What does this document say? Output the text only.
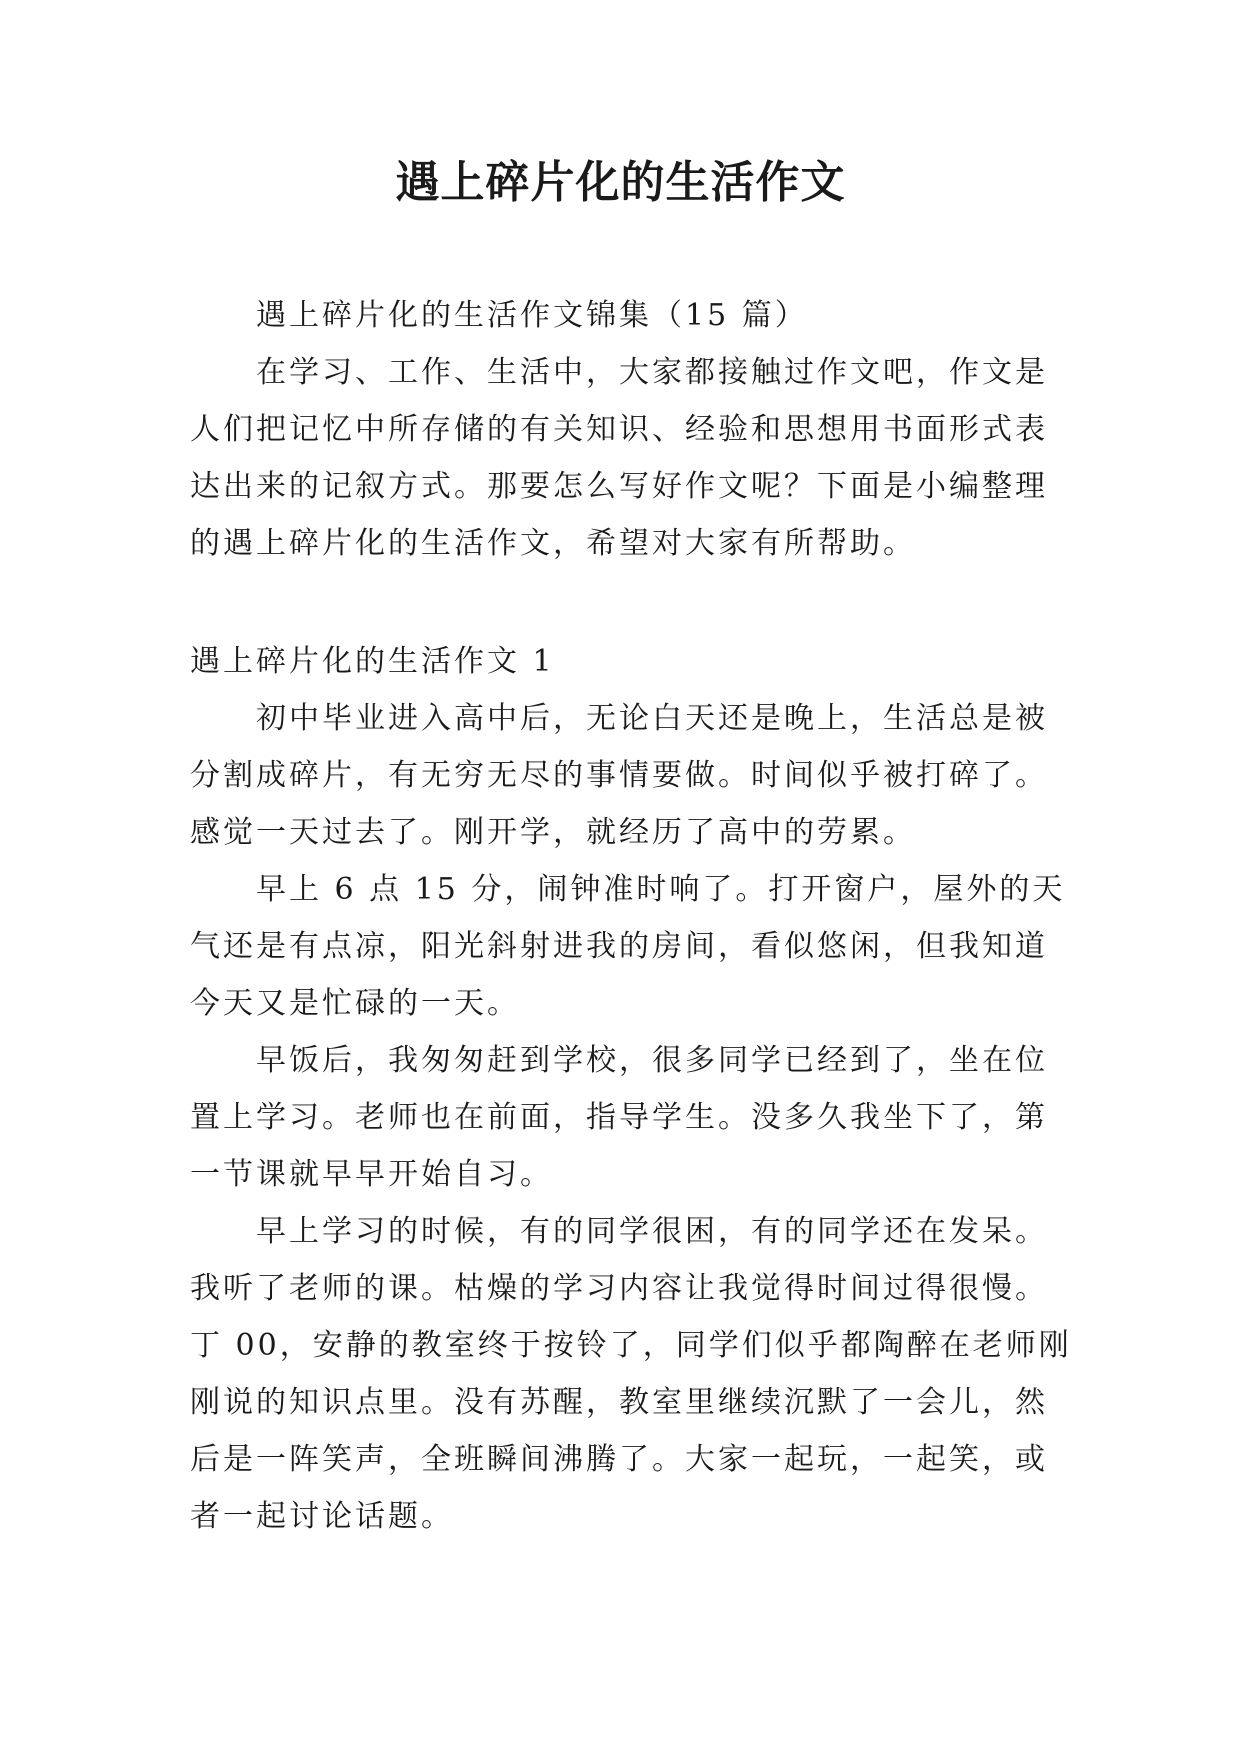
遇上碎片化的生活作文
遇上碎片化的生活作文锦集（15 篇）
在学习、工作、生活中，大家都接触过作文吧，作文是
人们把记忆中所存储的有关知识、经验和思想用书面形式表
达出来的记叙方式。那要怎么写好作文呢？下面是小编整理
的遇上碎片化的生活作文，希望对大家有所帮助。
遇上碎片化的生活作文 1
初中毕业进入高中后，无论白天还是晚上，生活总是被
分割成碎片，有无穷无尽的事情要做。时间似乎被打碎了。
感觉一天过去了。刚开学，就经历了高中的劳累。
早上 6 点 15 分，闹钟准时响了。打开窗户，屋外的天
气还是有点凉，阳光斜射进我的房间，看似悠闲，但我知道
今天又是忙碌的一天。
早饭后，我匆匆赶到学校，很多同学已经到了，坐在位
置上学习。老师也在前面，指导学生。没多久我坐下了，第
一节课就早早开始自习。
早上学习的时候，有的同学很困，有的同学还在发呆。
我听了老师的课。枯燥的学习内容让我觉得时间过得很慢。
丁 00，安静的教室终于按铃了，同学们似乎都陶醉在老师刚
刚说的知识点里。没有苏醒，教室里继续沉默了一会儿，然
后是一阵笑声，全班瞬间沸腾了。大家一起玩，一起笑，或
者一起讨论话题。
